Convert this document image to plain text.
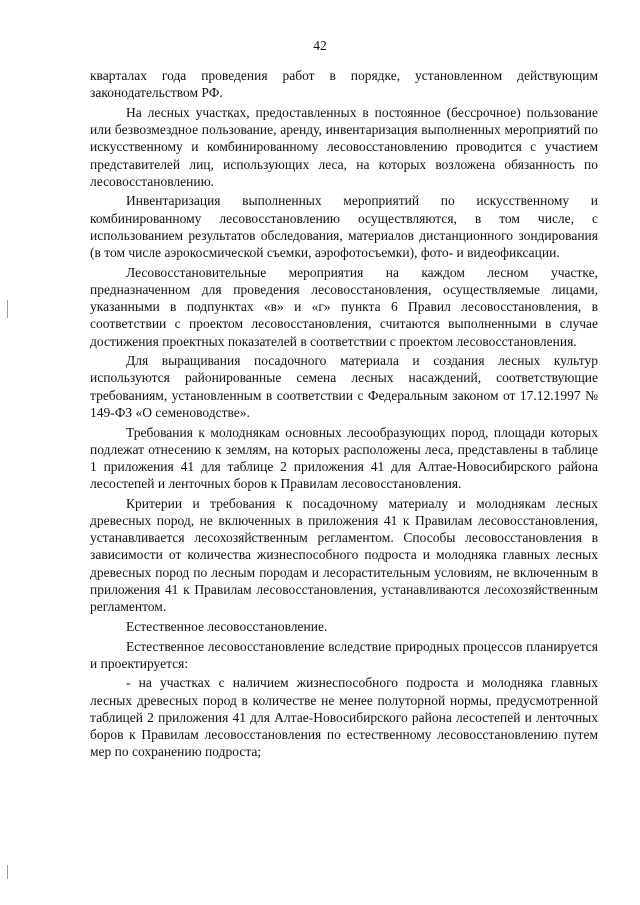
42

кварталах года проведения работ в порядке, установленном действующим законодательством РФ.

На лесных участках, предоставленных в постоянное (бессрочное) пользование или безвозмездное пользование, аренду, инвентаризация выполненных мероприятий по искусственному и комбинированному лесовосстановлению проводится с участием представителей лиц, использующих леса, на которых возложена обязанность по лесовосстановлению.

Инвентаризация выполненных мероприятий по искусственному и комбинированному лесовосстановлению осуществляются, в том числе, с использованием результатов обследования, материалов дистанционного зондирования (в том числе аэрокосмической съемки, аэрофотосъемки), фото- и видеофиксации.

Лесовосстановительные мероприятия на каждом лесном участке, предназначенном для проведения лесовосстановления, осуществляемые лицами, указанными в подпунктах «в» и «г» пункта 6 Правил лесовосстановления, в соответствии с проектом лесовосстановления, считаются выполненными в случае достижения проектных показателей в соответствии с проектом лесовосстановления.

Для выращивания посадочного материала и создания лесных культур используются районированные семена лесных насаждений, соответствующие требованиям, установленным в соответствии с Федеральным законом от 17.12.1997 № 149-ФЗ «О семеноводстве».

Требования к молоднякам основных лесообразующих пород, площади которых подлежат отнесению к землям, на которых расположены леса, представлены в таблице 1 приложения 41 для таблице 2 приложения 41 для Алтае-Новосибирского района лесостепей и ленточных боров к Правилам лесовосстановления.

Критерии и требования к посадочному материалу и молоднякам лесных древесных пород, не включенных в приложения 41 к Правилам лесовосстановления, устанавливается лесохозяйственным регламентом. Способы лесовосстановления в зависимости от количества жизнеспособного подроста и молодняка главных лесных древесных пород по лесным породам и лесорастительным условиям, не включенным в приложения 41 к Правилам лесовосстановления, устанавливаются лесохозяйственным регламентом.

Естественное лесовосстановление.

Естественное лесовосстановление вследствие природных процессов планируется и проектируется:

- на участках с наличием жизнеспособного подроста и молодняка главных лесных древесных пород в количестве не менее полуторной нормы, предусмотренной таблицей 2 приложения 41 для Алтае-Новосибирского района лесостепей и ленточных боров к Правилам лесовосстановления по естественному лесовосстановлению путем мер по сохранению подроста;
